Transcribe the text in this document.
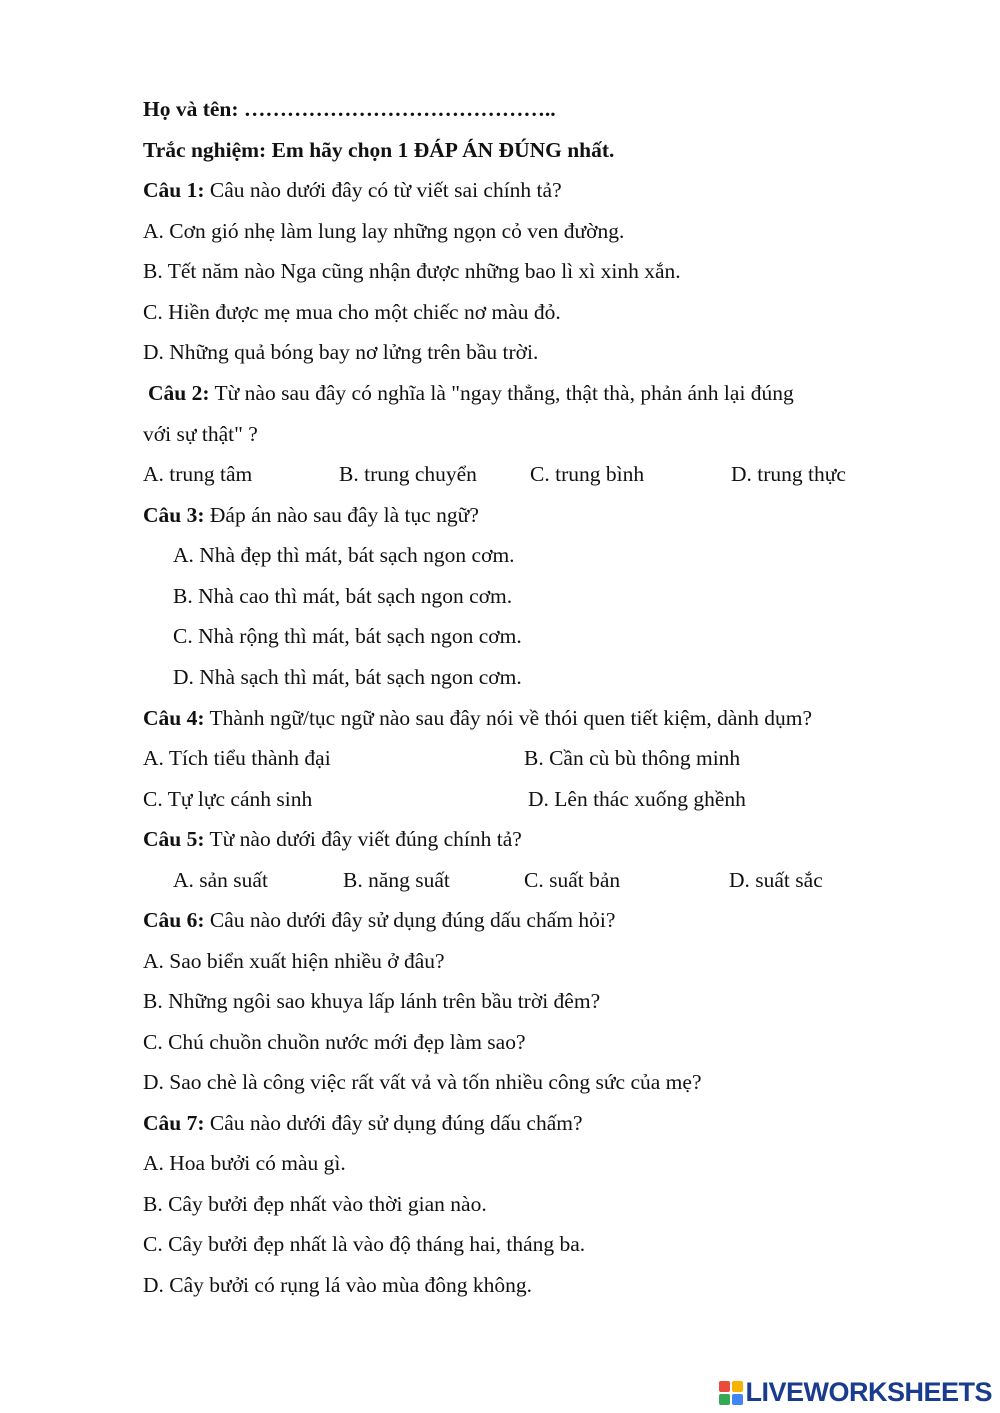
Họ và tên: ……………………………………..
Trắc nghiệm: Em hãy chọn 1 ĐÁP ÁN ĐÚNG nhất.
Câu 1: Câu nào dưới đây có từ viết sai chính tả?
A. Cơn gió nhẹ làm lung lay những ngọn cỏ ven đường.
B. Tết năm nào Nga cũng nhận được những bao lì xì xinh xắn.
C. Hiền được mẹ mua cho một chiếc nơ màu đỏ.
D. Những quả bóng bay nơ lửng trên bầu trời.
Câu 2: Từ nào sau đây có nghĩa là "ngay thẳng, thật thà, phản ánh lại đúng
với sự thật" ?
A. trung tâm	B. trung chuyển C. trung bình	D. trung thực
Câu 3: Đáp án nào sau đây là tục ngữ?
A. Nhà đẹp thì mát, bát sạch ngon cơm.
B. Nhà cao thì mát, bát sạch ngon cơm.
C. Nhà rộng thì mát, bát sạch ngon cơm.
D. Nhà sạch thì mát, bát sạch ngon cơm.
Câu 4: Thành ngữ/tục ngữ nào sau đây nói về thói quen tiết kiệm, dành dụm?
A. Tích tiểu thành đại	B. Cần cù bù thông minh
C. Tự lực cánh sinh	D. Lên thác xuống ghềnh
Câu 5: Từ nào dưới đây viết đúng chính tả?
A. sản suất	B. năng suất	C. suất bản	D. suất sắc
Câu 6: Câu nào dưới đây sử dụng đúng dấu chấm hỏi?
A. Sao biển xuất hiện nhiều ở đâu?
B. Những ngôi sao khuya lấp lánh trên bầu trời đêm?
C. Chú chuồn chuồn nước mới đẹp làm sao?
D. Sao chè là công việc rất vất vả và tốn nhiều công sức của mẹ?
Câu 7: Câu nào dưới đây sử dụng đúng dấu chấm?
A. Hoa bưởi có màu gì.
B. Cây bưởi đẹp nhất vào thời gian nào.
C. Cây bưởi đẹp nhất là vào độ tháng hai, tháng ba.
D. Cây bưởi có rụng lá vào mùa đông không.
LIVEWORKSHEETS
